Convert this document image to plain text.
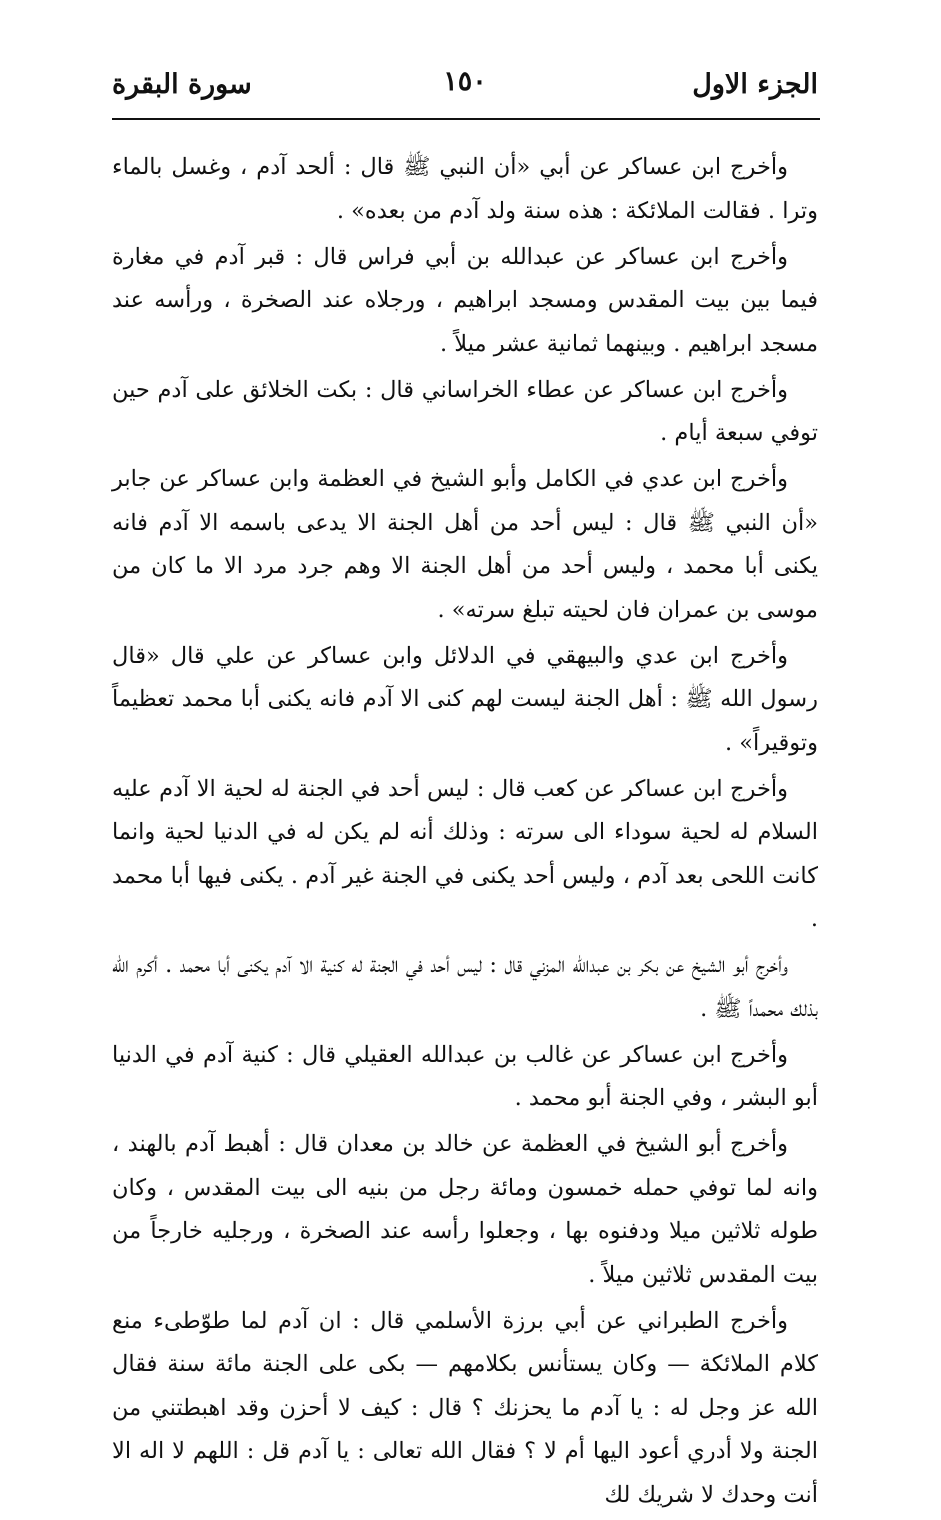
الجزء الاول
١٥٠
سورة البقرة

وأخرج ابن عساكر عن أبي «أن النبي ﷺ قال : ألحد آدم ، وغسل بالماء وترا . فقالت الملائكة : هذه سنة ولد آدم من بعده» .

وأخرج ابن عساكر عن عبدالله بن أبي فراس قال : قبر آدم في مغارة فيما بين بيت المقدس ومسجد ابراهيم ، ورجلاه عند الصخرة ، ورأسه عند مسجد ابراهيم . وبينهما ثمانية عشر ميلاً .

وأخرج ابن عساكر عن عطاء الخراساني قال : بكت الخلائق على آدم حين توفي سبعة أيام .

وأخرج ابن عدي في الكامل وأبو الشيخ في العظمة وابن عساكر عن جابر «أن النبي ﷺ قال : ليس أحد من أهل الجنة الا يدعى باسمه الا آدم فانه يكنى أبا محمد ، وليس أحد من أهل الجنة الا وهم جرد مرد الا ما كان من موسى بن عمران فان لحيته تبلغ سرته» .

وأخرج ابن عدي والبيهقي في الدلائل وابن عساكر عن علي قال «قال رسول الله ﷺ : أهل الجنة ليست لهم كنى الا آدم فانه يكنى أبا محمد تعظيماً وتوقيراً» .

وأخرج ابن عساكر عن كعب قال : ليس أحد في الجنة له لحية الا آدم عليه السلام له لحية سوداء الى سرته : وذلك أنه لم يكن له في الدنيا لحية وانما كانت اللحى بعد آدم ، وليس أحد يكنى في الجنة غير آدم . يكنى فيها أبا محمد .

وأخرج أبو الشيخ عن بكر بن عبدالله المزني قال : ليس أحد في الجنة له كنية الا آدم يكنى أبا محمد . أكرم الله بذلك محمداً ﷺ .

وأخرج ابن عساكر عن غالب بن عبدالله العقيلي قال : كنية آدم في الدنيا أبو البشر ، وفي الجنة أبو محمد .

وأخرج أبو الشيخ في العظمة عن خالد بن معدان قال : أهبط آدم بالهند ، وانه لما توفي حمله خمسون ومائة رجل من بنيه الى بيت المقدس ، وكان طوله ثلاثين ميلا ودفنوه بها ، وجعلوا رأسه عند الصخرة ، ورجليه خارجاً من بيت المقدس ثلاثين ميلاً .

وأخرج الطبراني عن أبي برزة الأسلمي قال : ان آدم لما طوّطىء منع كلام الملائكة — وكان يستأنس بكلامهم — بكى على الجنة مائة سنة فقال الله عز وجل له : يا آدم ما يحزنك ؟ قال : كيف لا أحزن وقد اهبطتني من الجنة ولا أدري أعود اليها أم لا ؟ فقال الله تعالى : يا آدم قل : اللهم لا اله الا أنت وحدك لا شريك لك
